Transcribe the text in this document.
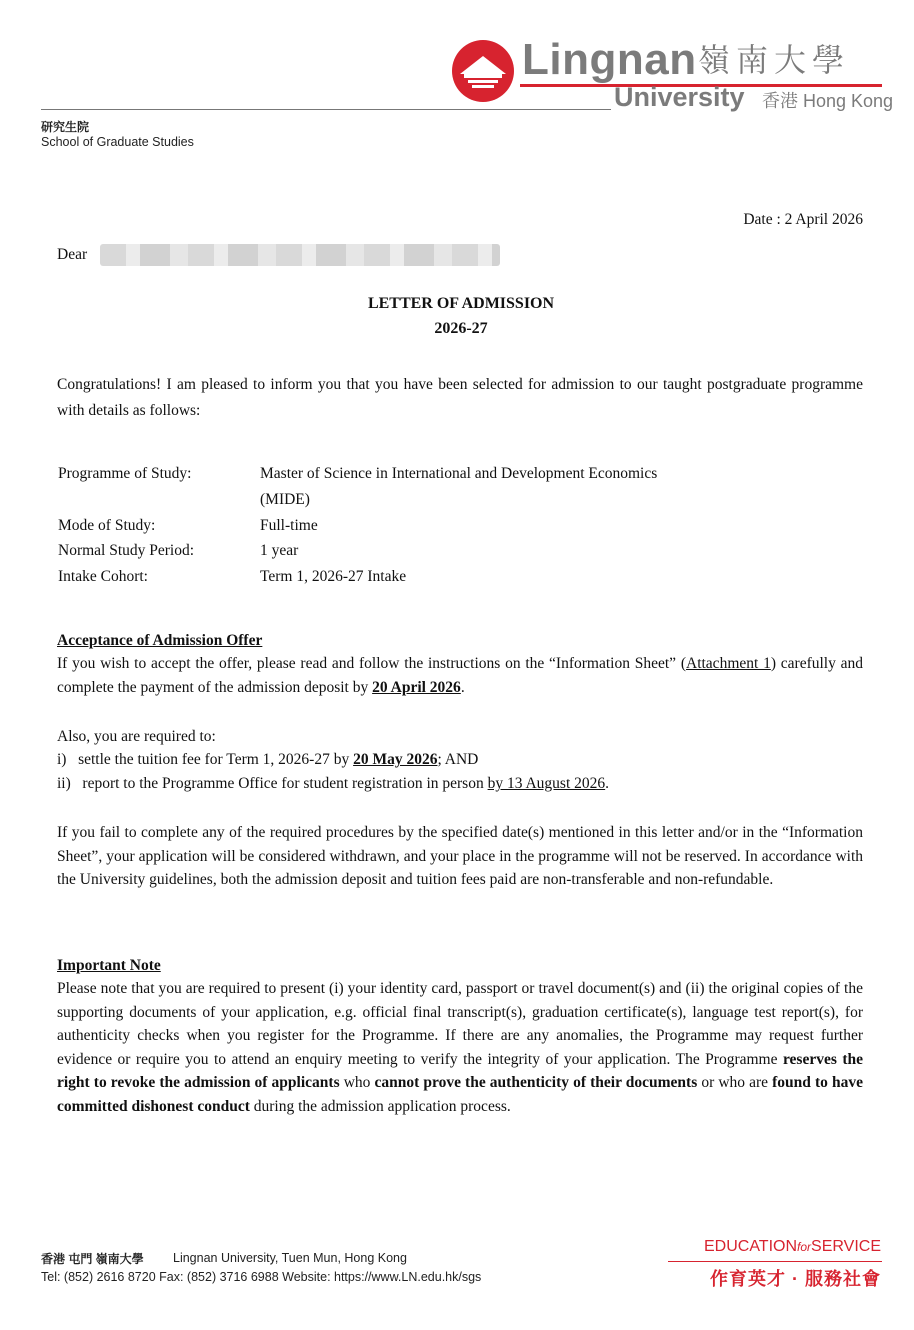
Lingnan 嶺南大學
University 香港 Hong Kong
研究生院
School of Graduate Studies
Date : 2 April 2026
Dear
LETTER OF ADMISSION
2026-27
Congratulations! I am pleased to inform you that you have been selected for admission to our taught postgraduate programme with details as follows:
Programme of Study:	Master of Science in International and Development Economics
(MIDE)
Mode of Study:	Full-time
Normal Study Period:	1 year
Intake Cohort:	Term 1, 2026-27 Intake
Acceptance of Admission Offer
If you wish to accept the offer, please read and follow the instructions on the “Information Sheet” (Attachment 1) carefully and complete the payment of the admission deposit by 20 April 2026.
Also, you are required to:
i) settle the tuition fee for Term 1, 2026-27 by 20 May 2026; AND
ii) report to the Programme Office for student registration in person by 13 August 2026.
If you fail to complete any of the required procedures by the specified date(s) mentioned in this letter and/or in the “Information Sheet”, your application will be considered withdrawn, and your place in the programme will not be reserved. In accordance with the University guidelines, both the admission deposit and tuition fees paid are non-transferable and non-refundable.
Important Note
Please note that you are required to present (i) your identity card, passport or travel document(s) and (ii) the original copies of the supporting documents of your application, e.g. official final transcript(s), graduation certificate(s), language test report(s), for authenticity checks when you register for the Programme. If there are any anomalies, the Programme may request further evidence or require you to attend an enquiry meeting to verify the integrity of your application. The Programme reserves the right to revoke the admission of applicants who cannot prove the authenticity of their documents or who are found to have committed dishonest conduct during the admission application process.
香港 屯門 嶺南大學 Lingnan University, Tuen Mun, Hong Kong
Tel: (852) 2616 8720 Fax: (852) 3716 6988 Website: https://www.LN.edu.hk/sgs
EDUCATIONforSERVICE
作育英才 · 服務社會
